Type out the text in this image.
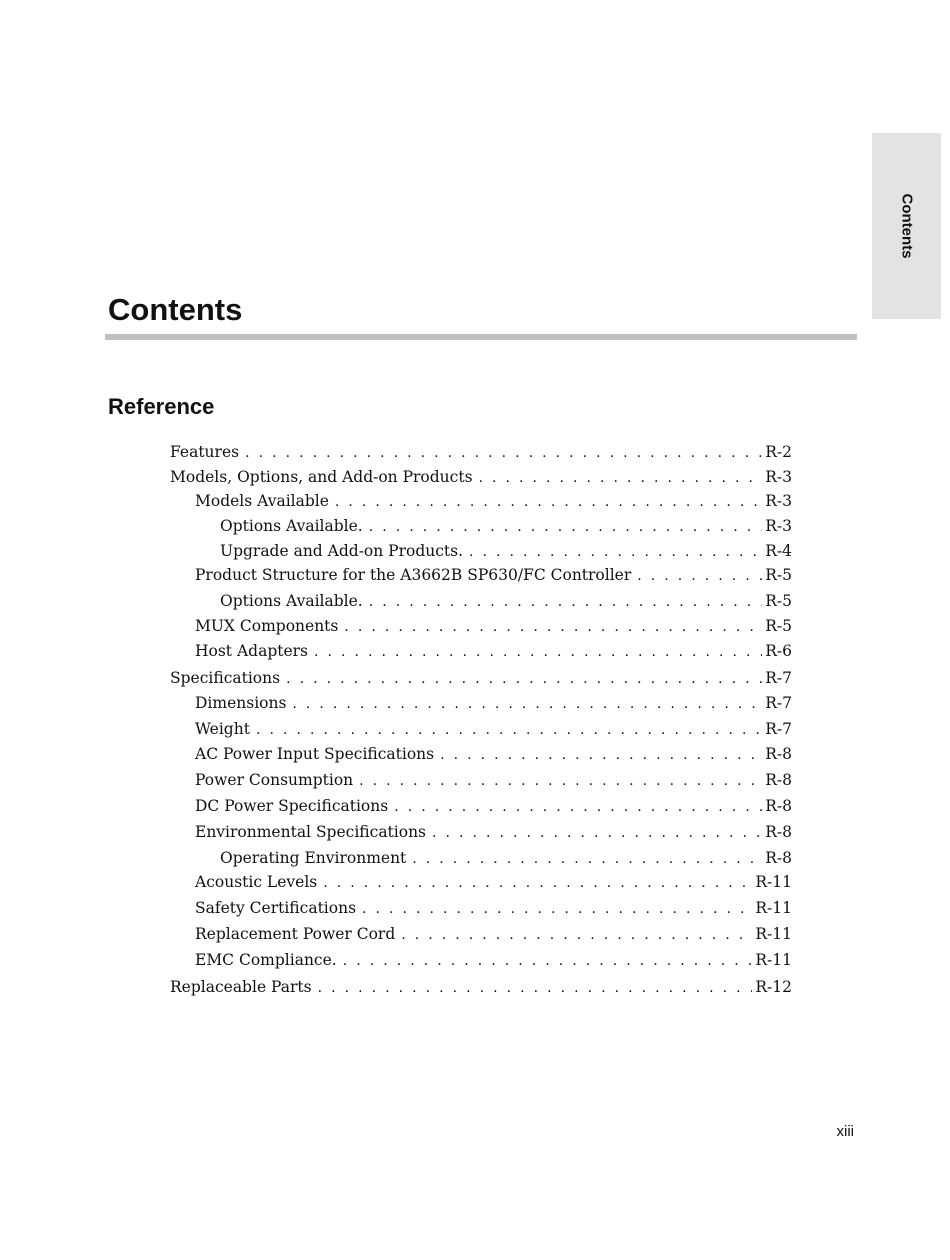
Contents
Contents
Reference
Features . . .	R-2
Models, Options, and Add-on Products . . .	R-3
Models Available . . .	R-3
Options Available. . . .	R-3
Upgrade and Add-on Products. . . .	R-4
Product Structure for the A3662B SP630/FC Controller . . .	R-5
Options Available. . . .	R-5
MUX Components . . .	R-5
Host Adapters . . .	R-6
Specifications . . .	R-7
Dimensions . . .	R-7
Weight . . .	R-7
AC Power Input Specifications . . .	R-8
Power Consumption . . .	R-8
DC Power Specifications . . .	R-8
Environmental Specifications . . .	R-8
Operating Environment . . .	R-8
Acoustic Levels . . .	R-11
Safety Certifications . . .	R-11
Replacement Power Cord . . .	R-11
EMC Compliance. . . .	R-11
Replaceable Parts . . .	R-12
xiii
